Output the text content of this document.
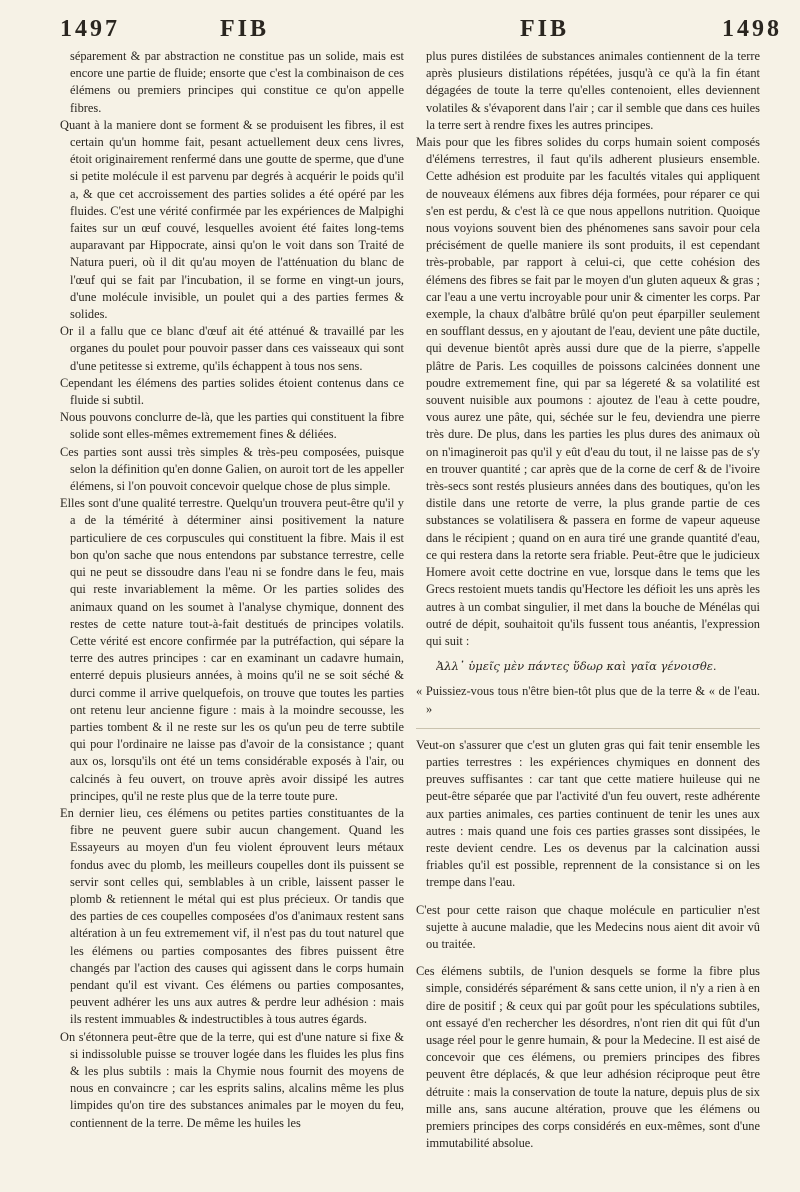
1497	FIB	FIB	1498

séparement & par abstraction ne constitue pas un solide, mais est encore une partie de fluide; ensorte que c'est la combinaison de ces élémens ou premiers principes qui constitue ce qu'on appelle fibres.

Quant à la maniere dont se forment & se produisent les fibres, il est certain qu'un homme fait, pesant actuellement deux cens livres, étoit originairement renfermé dans une goutte de sperme, que d'une si petite molécule il est parvenu par degrés à acquérir le poids qu'il a, & que cet accroissement des parties solides a été opéré par les fluides. C'est une vérité confirmée par les expériences de Malpighi faites sur un œuf couvé, lesquelles avoient été faites long-tems auparavant par Hippocrate, ainsi qu'on le voit dans son Traité de Natura pueri, où il dit qu'au moyen de l'atténuation du blanc de l'œuf qui se fait par l'incubation, il se forme en vingt-un jours, d'une molécule invisible, un poulet qui a des parties fermes & solides.

Or il a fallu que ce blanc d'œuf ait été atténué & travaillé par les organes du poulet pour pouvoir passer dans ces vaisseaux qui sont d'une petitesse si extreme, qu'ils échappent à tous nos sens.

Cependant les élémens des parties solides étoient contenus dans ce fluide si subtil.

Nous pouvons conclurre de-là, que les parties qui constituent la fibre solide sont elles-mêmes extremement fines & déliées.

Ces parties sont aussi très simples & très-peu composées, puisque selon la définition qu'en donne Galien, on auroit tort de les appeller élémens, si l'on pouvoit concevoir quelque chose de plus simple.

Elles sont d'une qualité terrestre. Quelqu'un trouvera peut-être qu'il y a de la témérité à déterminer ainsi positivement la nature particuliere de ces corpuscules qui constituent la fibre. Mais il est bon qu'on sache que nous entendons par substance terrestre, celle qui ne peut se dissoudre dans l'eau ni se fondre dans le feu, mais qui reste invariablement la même. Or les parties solides des animaux quand on les soumet à l'analyse chymique, donnent des restes de cette nature tout-à-fait destitués de principes volatils. Cette vérité est encore confirmée par la putréfaction, qui sépare la terre des autres principes : car en examinant un cadavre humain, enterré depuis plusieurs années, à moins qu'il ne se soit séché & durci comme il arrive quelquefois, on trouve que toutes les parties ont retenu leur ancienne figure : mais à la moindre secousse, les parties tombent & il ne reste sur les os qu'un peu de terre subtile qui pour l'ordinaire ne laisse pas d'avoir de la consistance ; quant aux os, lorsqu'ils ont été un tems considérable exposés à l'air, ou calcinés à feu ouvert, on trouve après avoir dissipé les autres principes, qu'il ne reste plus que de la terre toute pure.

En dernier lieu, ces élémens ou petites parties constituantes de la fibre ne peuvent guere subir aucun changement. Quand les Essayeurs au moyen d'un feu violent éprouvent leurs métaux fondus avec du plomb, les meilleurs coupelles dont ils puissent se servir sont celles qui, semblables à un crible, laissent passer le plomb & retiennent le métal qui est plus précieux. Or tandis que des parties de ces coupelles composées d'os d'animaux restent sans altération à un feu extremement vif, il n'est pas du tout naturel que les élémens ou parties composantes des fibres puissent être changés par l'action des causes qui agissent dans le corps humain pendant qu'il est vivant. Ces élémens ou parties composantes, peuvent adhérer les uns aux autres & perdre leur adhésion : mais ils restent immuables & indestructibles à tous autres égards.

On s'étonnera peut-être que de la terre, qui est d'une nature si fixe & si indissoluble puisse se trouver logée dans les fluides les plus fins & les plus subtils : mais la Chymie nous fournit des moyens de nous en convaincre ; car les esprits salins, alcalins même les plus limpides qu'on tire des substances animales par le moyen du feu, contiennent de la terre. De même les huiles les

plus pures distilées de substances animales contiennent de la terre après plusieurs distilations répétées, jusqu'à ce qu'à la fin étant dégagées de toute la terre qu'elles contenoient, elles deviennent volatiles & s'évaporent dans l'air ; car il semble que dans ces huiles la terre sert à rendre fixes les autres principes.

Mais pour que les fibres solides du corps humain soient composés d'élémens terrestres, il faut qu'ils adherent plusieurs ensemble. Cette adhésion est produite par les facultés vitales qui appliquent de nouveaux élémens aux fibres déja formées, pour réparer ce qui s'en est perdu, & c'est là ce que nous appellons nutrition. Quoique nous voyions souvent bien des phénomenes sans savoir pour cela précisément de quelle maniere ils sont produits, il est cependant très-probable, par rapport à celui-ci, que cette cohésion des élémens des fibres se fait par le moyen d'un gluten aqueux & gras ; car l'eau a une vertu incroyable pour unir & cimenter les corps. Par exemple, la chaux d'albâtre brûlé qu'on peut éparpiller seulement en soufflant dessus, en y ajoutant de l'eau, devient une pâte ductile, qui devenue bientôt après aussi dure que de la pierre, s'appelle plâtre de Paris. Les coquilles de poissons calcinées donnent une poudre extremement fine, qui par sa légereté & sa volatilité est souvent nuisible aux poumons : ajoutez de l'eau à cette poudre, vous aurez une pâte, qui, séchée sur le feu, deviendra une pierre très dure. De plus, dans les parties les plus dures des animaux où on n'imagineroit pas qu'il y eût d'eau du tout, il ne laisse pas de s'y en trouver quantité ; car après que de la corne de cerf & de l'ivoire très-secs sont restés plusieurs années dans des boutiques, qu'on les distile dans une retorte de verre, la plus grande partie de ces substances se volatilisera & passera en forme de vapeur aqueuse dans le récipient ; quand on en aura tiré une grande quantité d'eau, ce qui restera dans la retorte sera friable. Peut-être que le judicieux Homere avoit cette doctrine en vue, lorsque dans le tems que les Grecs restoient muets tandis qu'Hectore les défioit les uns après les autres à un combat singulier, il met dans la bouche de Ménélas qui outré de dépit, souhaitoit qu'ils fussent tous anéantis, l'expression qui suit :

Ἀλλ᾽ ὑμεῖς μὲν πάντες ὕδωρ καὶ γαῖα γένοισθε.

« Puissiez-vous tous n'être bien-tôt plus que de la terre & « de l'eau. »

Veut-on s'assurer que c'est un gluten gras qui fait tenir ensemble les parties terrestres : les expériences chymiques en donnent des preuves suffisantes : car tant que cette matiere huileuse qui ne peut-être séparée que par l'activité d'un feu ouvert, reste adhérente aux parties animales, ces parties continuent de tenir les unes aux autres : mais quand une fois ces parties grasses sont dissipées, le reste devient cendre. Les os devenus par la calcination aussi friables qu'il est possible, reprennent de la consistance si on les trempe dans l'eau.

C'est pour cette raison que chaque molécule en particulier n'est sujette à aucune maladie, que les Medecins nous aient dit avoir vû ou traitée.

Ces élémens subtils, de l'union desquels se forme la fibre plus simple, considérés séparément & sans cette union, il n'y a rien à en dire de positif ; & ceux qui par goût pour les spéculations subtiles, ont essayé d'en rechercher les désordres, n'ont rien dit qui fût d'un usage réel pour le genre humain, & pour la Medecine. Il est aisé de concevoir que ces élémens, ou premiers principes des fibres peuvent être déplacés, & que leur adhésion réciproque peut être détruite : mais la conservation de toute la nature, depuis plus de six mille ans, sans aucune altération, prouve que les élémens ou premiers principes des corps considérés en eux-mêmes, sont d'une immutabilité absolue.
